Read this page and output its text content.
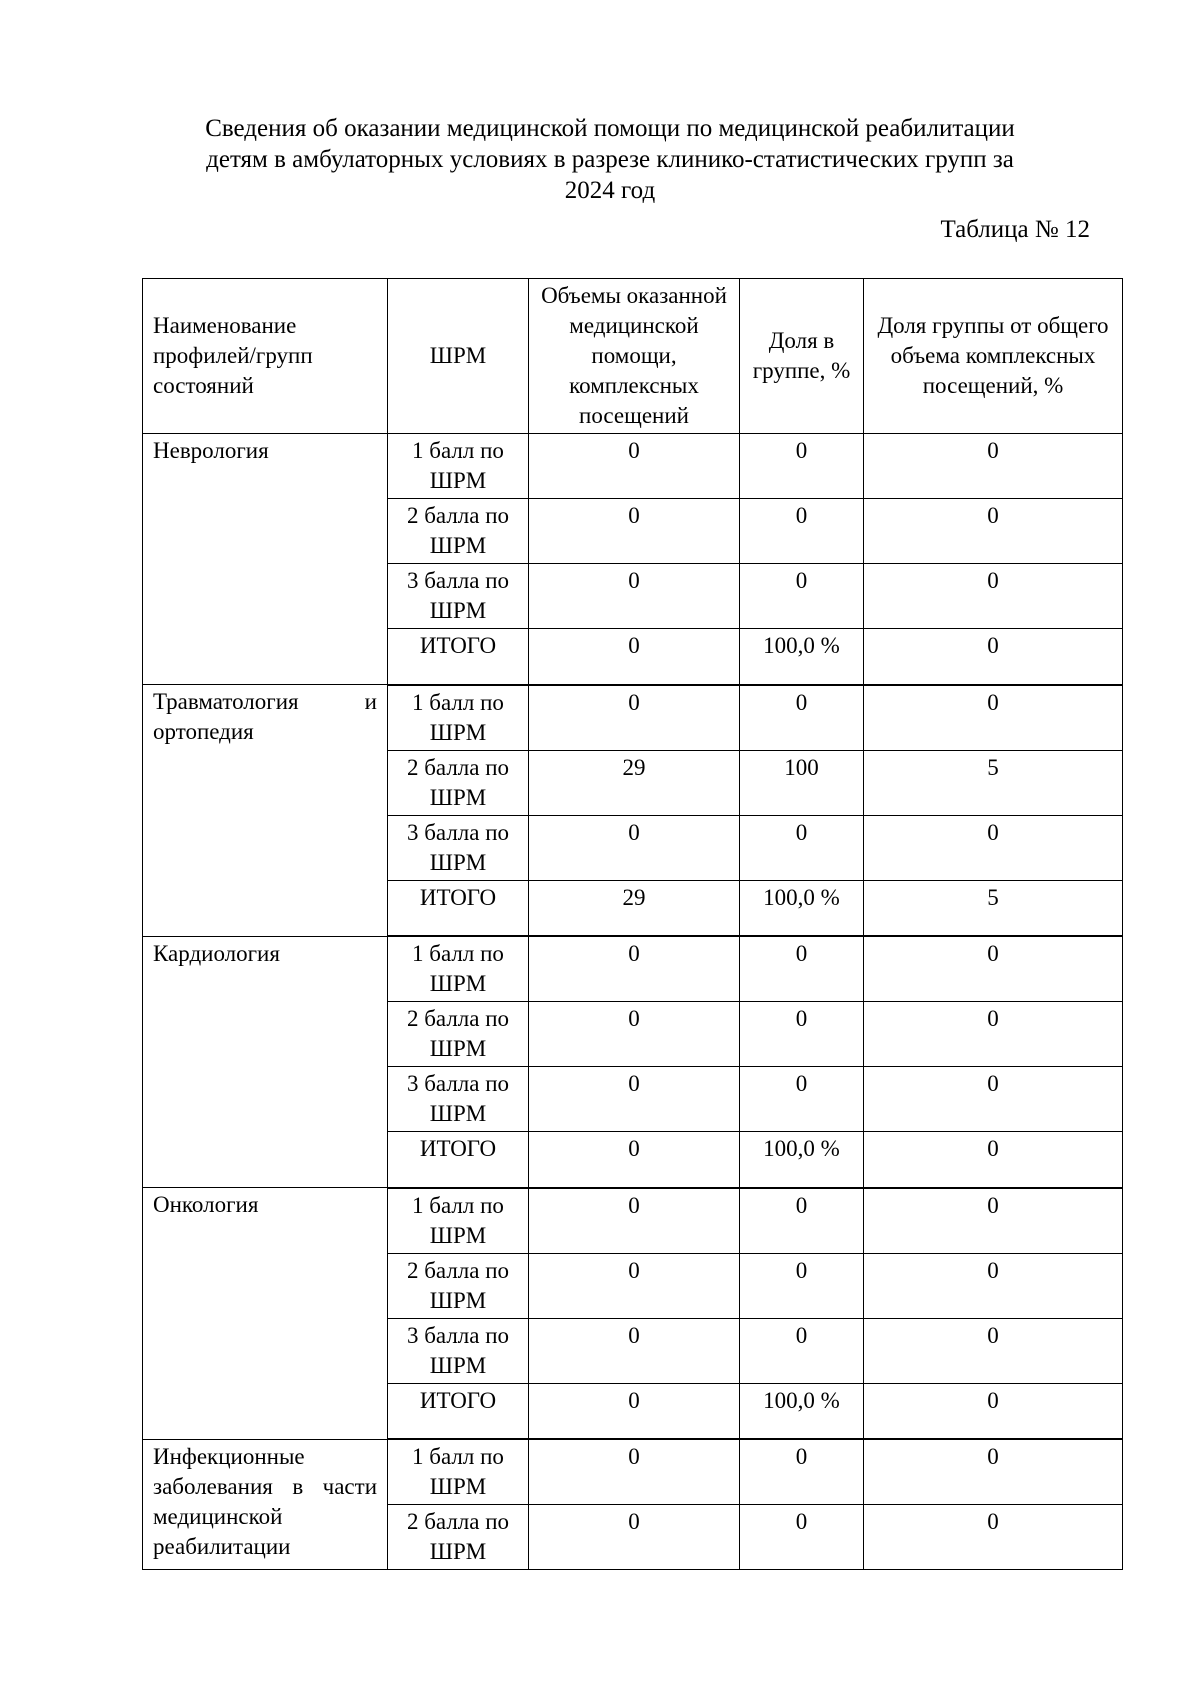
Сведения об оказании медицинской помощи по медицинской реабилитации
детям в амбулаторных условиях в разрезе клинико-статистических групп за
2024 год
Таблица № 12
Наименование профилей/групп состояний	ШРМ	Объемы оказанной медицинской помощи, комплексных посещений	Доля в группе, %	Доля группы от общего объема комплексных посещений, %
Неврология	1 балл по ШРМ	0	0	0
	2 балла по ШРМ	0	0	0
	3 балла по ШРМ	0	0	0
	ИТОГО	0	100,0 %	0
Травматология и ортопедия	1 балл по ШРМ	0	0	0
	2 балла по ШРМ	29	100	5
	3 балла по ШРМ	0	0	0
	ИТОГО	29	100,0 %	5
Кардиология	1 балл по ШРМ	0	0	0
	2 балла по ШРМ	0	0	0
	3 балла по ШРМ	0	0	0
	ИТОГО	0	100,0 %	0
Онкология	1 балл по ШРМ	0	0	0
	2 балла по ШРМ	0	0	0
	3 балла по ШРМ	0	0	0
	ИТОГО	0	100,0 %	0
Инфекционные заболевания в части медицинской реабилитации	1 балл по ШРМ	0	0	0
	2 балла по ШРМ	0	0	0
